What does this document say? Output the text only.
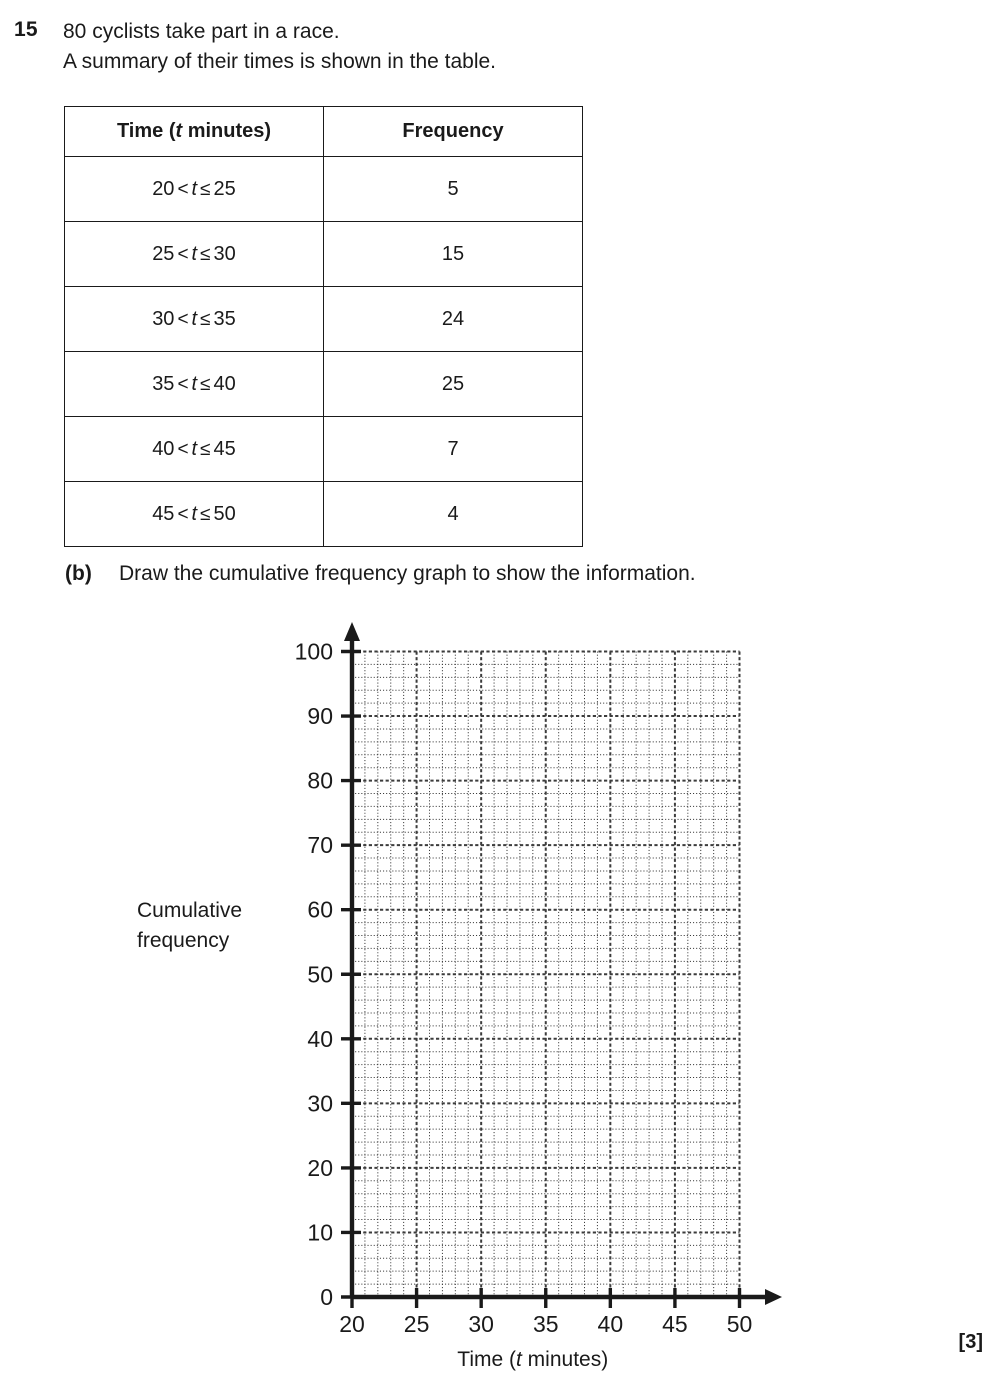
15 80 cyclists take part in a race.
A summary of their times is shown in the table.
Time (t minutes)	Frequency
20 < t ≤ 25	5
25 < t ≤ 30	15
30 < t ≤ 35	24
35 < t ≤ 40	25
40 < t ≤ 45	7
45 < t ≤ 50	4
(b) Draw the cumulative frequency graph to show the information.
Cumulative
frequency
20 25 30 35 40 45 50
0
10
20
30
40
50
60
70
80
90
100
Time (t minutes)
[3]
